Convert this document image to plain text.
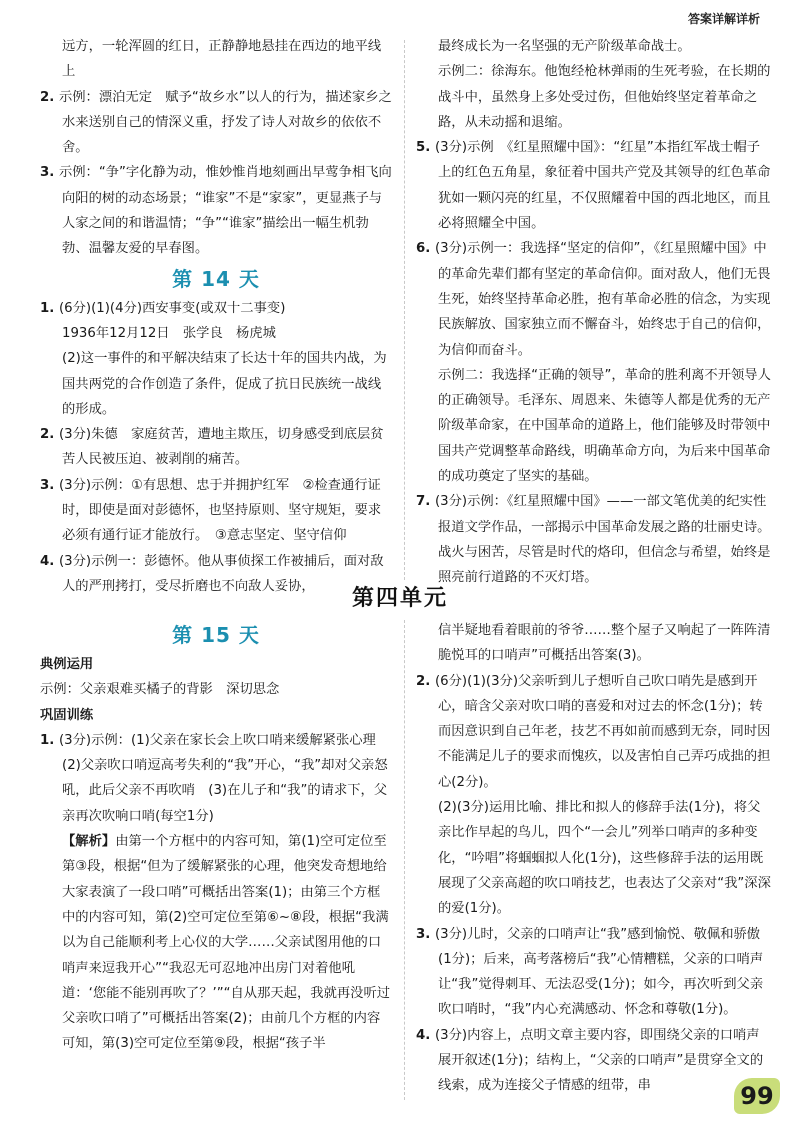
答案详解详析

远方，一轮浑圆的红日，正静静地悬挂在西边的地平线上

2. 示例：漂泊无定　赋予“故乡水”以人的行为，描述家乡之水来送别自己的情深义重，抒发了诗人对故乡的依依不舍。

3. 示例：“争”字化静为动，惟妙惟肖地刻画出早莺争相飞向向阳的树的动态场景；“谁家”不是“家家”，更显燕子与人家之间的和谐温情；“争”“谁家”描绘出一幅生机勃勃、温馨友爱的早春图。

第 14 天

1. (6分)(1)(4分)西安事变(或双十二事变)

1936年12月12日　张学良　杨虎城

(2)这一事件的和平解决结束了长达十年的国共内战，为国共两党的合作创造了条件，促成了抗日民族统一战线的形成。

2. (3分)朱德　家庭贫苦，遭地主欺压，切身感受到底层贫苦人民被压迫、被剥削的痛苦。

3. (3分)示例：①有思想、忠于并拥护红军　②检查通行证时，即使是面对彭德怀，也坚持原则、坚守规矩，要求必须有通行证才能放行。　③意志坚定、坚守信仰

4. (3分)示例一：彭德怀。他从事侦探工作被捕后，面对敌人的严刑拷打，受尽折磨也不向敌人妥协，

最终成长为一名坚强的无产阶级革命战士。

示例二：徐海东。他饱经枪林弹雨的生死考验，在长期的战斗中，虽然身上多处受过伤，但他始终坚定着革命之路，从未动摇和退缩。

5. (3分)示例　《红星照耀中国》：“红星”本指红军战士帽子上的红色五角星，象征着中国共产党及其领导的红色革命犹如一颗闪亮的红星，不仅照耀着中国的西北地区，而且必将照耀全中国。

6. (3分)示例一：我选择“坚定的信仰”，《红星照耀中国》中的革命先辈们都有坚定的革命信仰。面对敌人，他们无畏生死，始终坚持革命必胜，抱有革命必胜的信念，为实现民族解放、国家独立而不懈奋斗，始终忠于自己的信仰，为信仰而奋斗。

示例二：我选择“正确的领导”，革命的胜利离不开领导人的正确领导。毛泽东、周恩来、朱德等人都是优秀的无产阶级革命家，在中国革命的道路上，他们能够及时带领中国共产党调整革命路线，明确革命方向，为后来中国革命的成功奠定了坚实的基础。

7. (3分)示例：《红星照耀中国》——一部文笔优美的纪实性报道文学作品，一部揭示中国革命发展之路的壮丽史诗。战火与困苦，尽管是时代的烙印，但信念与希望，始终是照亮前行道路的不灭灯塔。

第四单元
第 15 天

典例运用

示例：父亲艰难买橘子的背影　深切思念

巩固训练

1. (3分)示例：(1)父亲在家长会上吹口哨来缓解紧张心理　(2)父亲吹口哨逗高考失利的“我”开心，“我”却对父亲怒吼，此后父亲不再吹哨　(3)在儿子和“我”的请求下，父亲再次吹响口哨(每空1分)

【解析】由第一个方框中的内容可知，第(1)空可定位至第③段，根据“但为了缓解紧张的心理，他突发奇想地给大家表演了一段口哨”可概括出答案(1)；由第三个方框中的内容可知，第(2)空可定位至第⑥~⑧段，根据“我满以为自己能顺利考上心仪的大学……父亲试图用他的口哨声来逗我开心”“我忍无可忍地冲出房门对着他吼道：‘您能不能别再吹了？’”“自从那天起，我就再没听过父亲吹口哨了”可概括出答案(2)；由前几个方框的内容可知，第(3)空可定位至第⑨段，根据“孩子半

信半疑地看着眼前的爷爷……整个屋子又响起了一阵阵清脆悦耳的口哨声”可概括出答案(3)。

2. (6分)(1)(3分)父亲听到儿子想听自己吹口哨先是感到开心，暗含父亲对吹口哨的喜爱和对过去的怀念(1分)；转而因意识到自己年老，技艺不再如前而感到无奈，同时因不能满足儿子的要求而愧疚，以及害怕自己弄巧成拙的担心(2分)。

(2)(3分)运用比喻、排比和拟人的修辞手法(1分)，将父亲比作早起的鸟儿，四个“一会儿”列举口哨声的多种变化，“吟唱”将蝈蝈拟人化(1分)，这些修辞手法的运用既展现了父亲高超的吹口哨技艺，也表达了父亲对“我”深深的爱(1分)。

3. (3分)儿时，父亲的口哨声让“我”感到愉悦、敬佩和骄傲(1分)；后来，高考落榜后“我”心情糟糕，父亲的口哨声让“我”觉得刺耳、无法忍受(1分)；如今，再次听到父亲吹口哨时，“我”内心充满感动、怀念和尊敬(1分)。

4. (3分)内容上，点明文章主要内容，即围绕父亲的口哨声展开叙述(1分)；结构上，“父亲的口哨声”是贯穿全文的线索，成为连接父子情感的纽带，串	99
